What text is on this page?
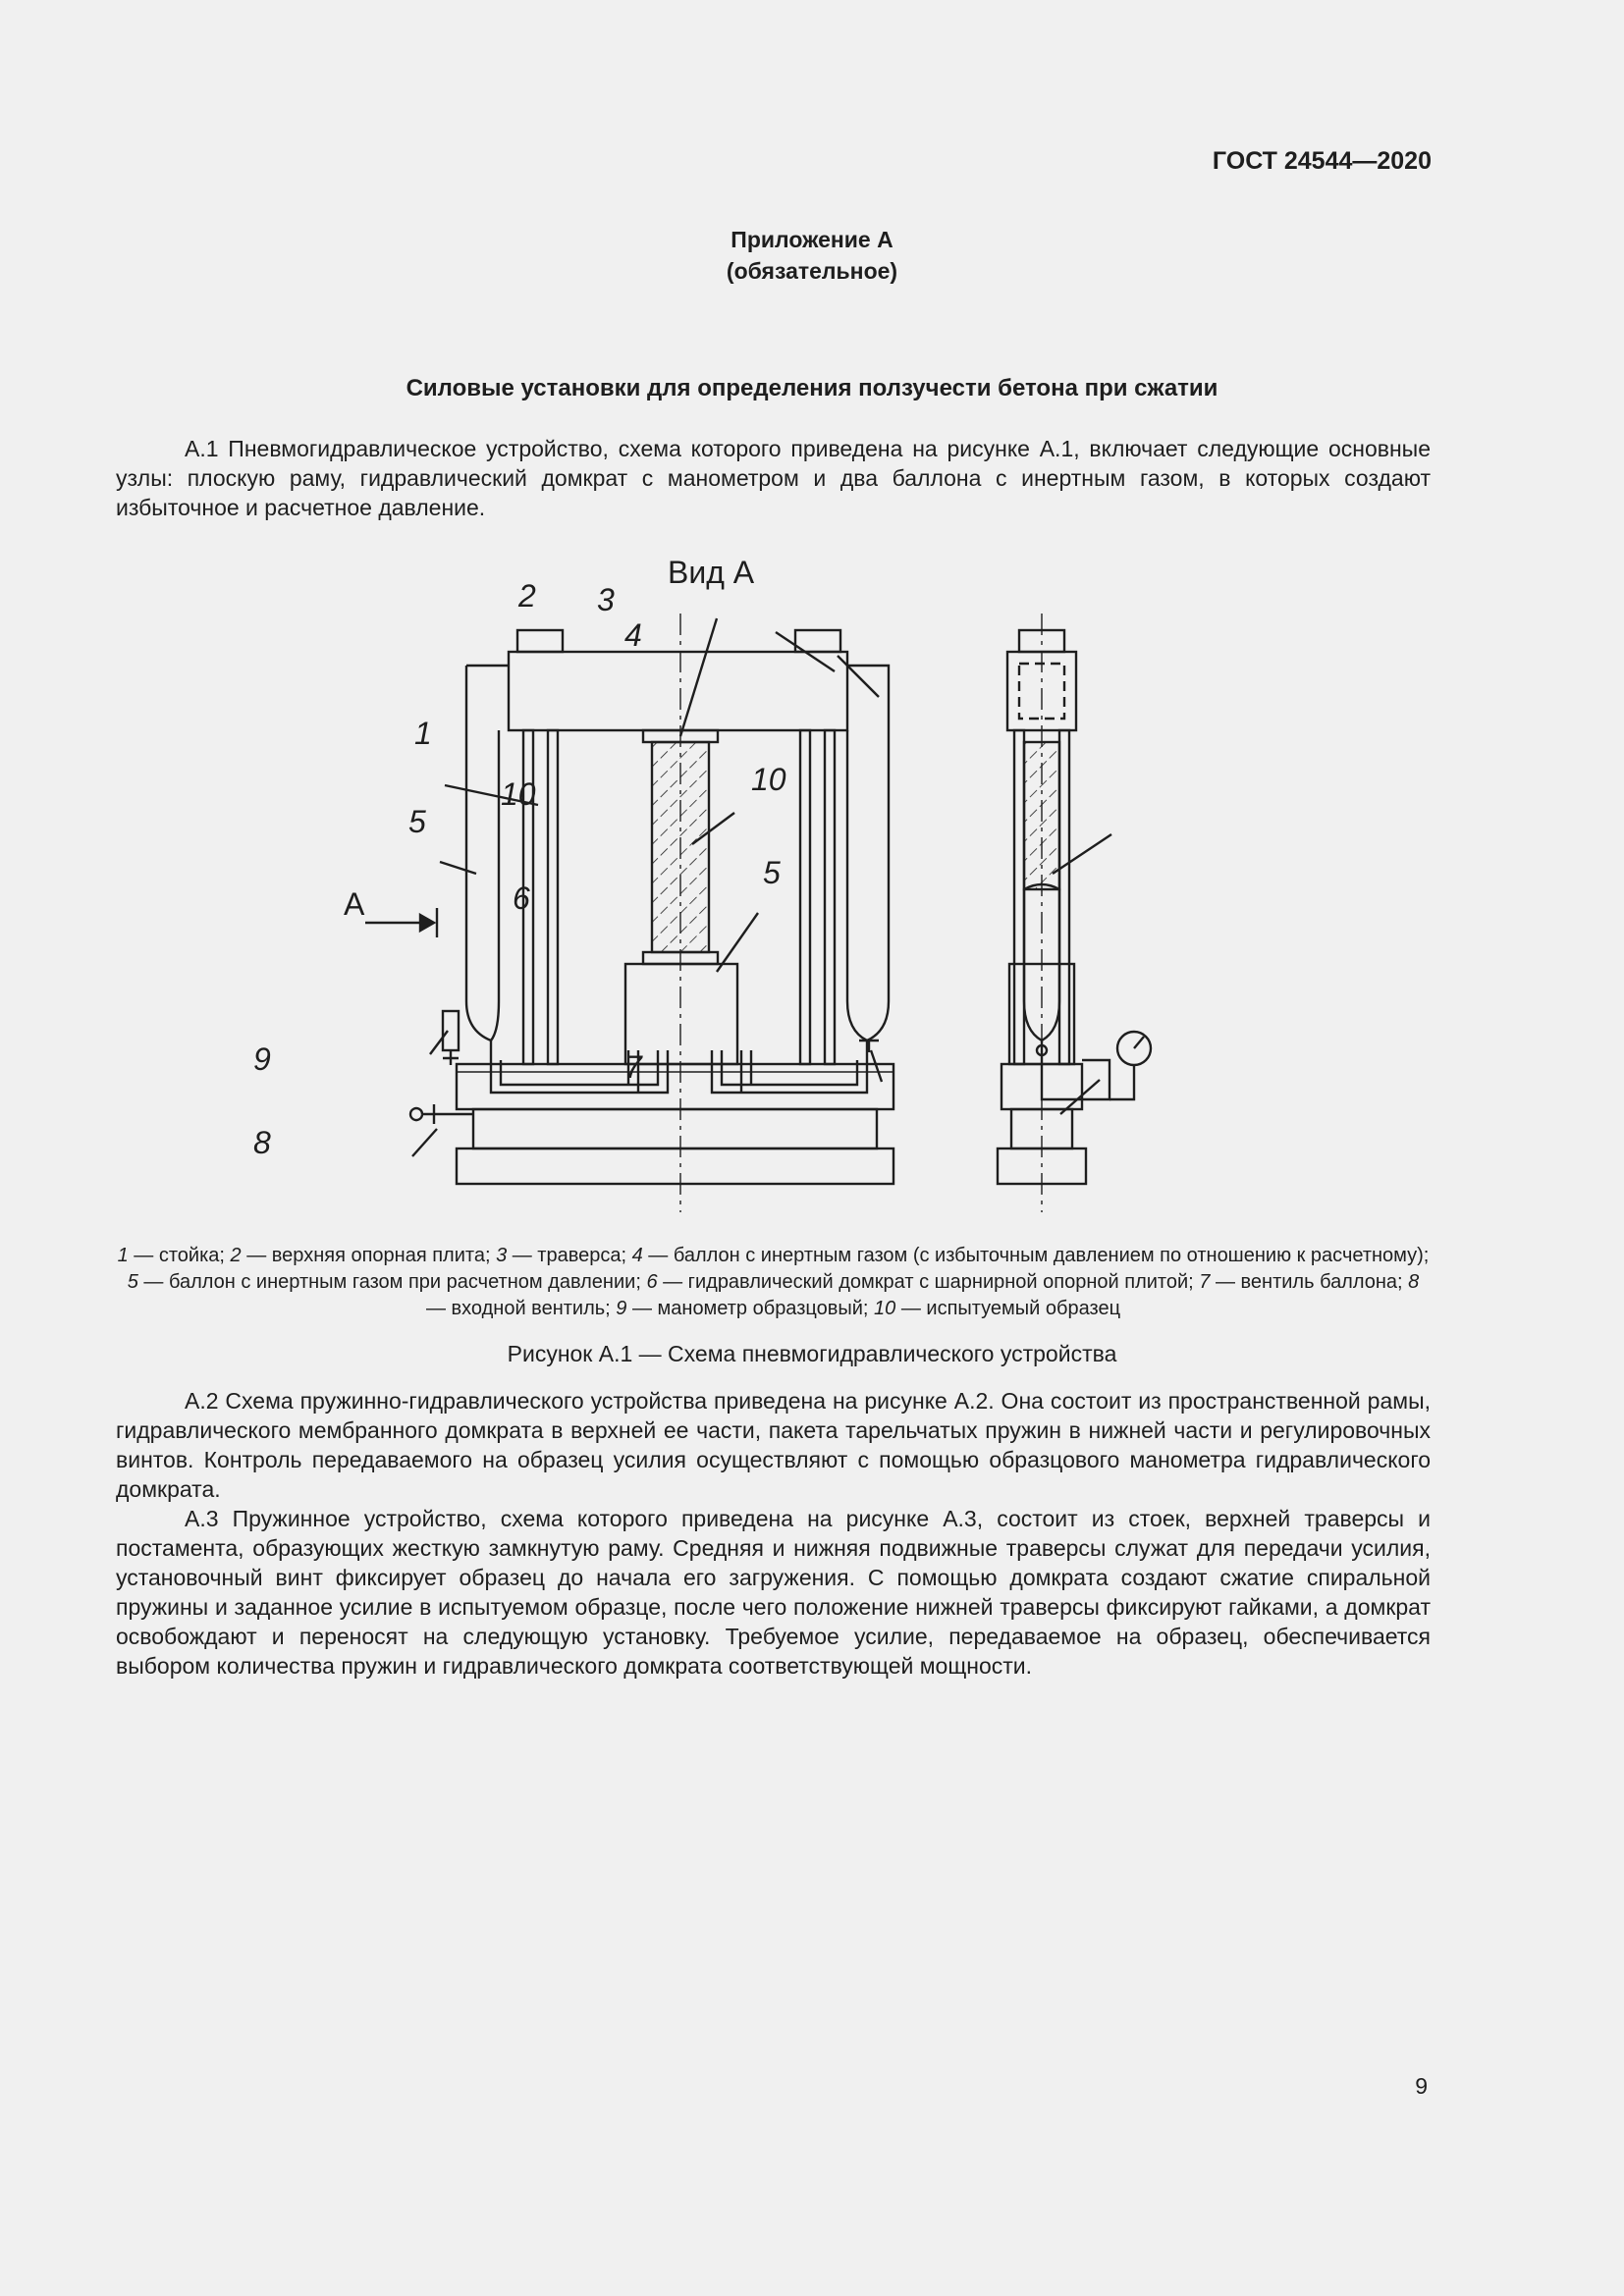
ГОСТ 24544—2020
Приложение А
(обязательное)
Силовые установки для определения ползучести бетона при сжатии

А.1 Пневмогидравлическое устройство, схема которого приведена на рисунке А.1, включает следующие основные узлы: плоскую раму, гидравлический домкрат с манометром и два баллона с инертным газом, в которых создают избыточное и расчетное давление.

Вид А
А
1
2 3
4
5
6
7
8
9
10	10
5
1 — стойка; 2 — верхняя опорная плита; 3 — траверса; 4 — баллон с инертным газом (с избыточным давлением по отношению к расчетному); 5 — баллон с инертным газом при расчетном давлении; 6 — гидравлический домкрат с шарнирной опорной плитой; 7 — вентиль баллона; 8 — входной вентиль; 9 — манометр образцовый; 10 — испытуемый образец
Рисунок А.1 — Схема пневмогидравлического устройства

А.2 Схема пружинно-гидравлического устройства приведена на рисунке А.2. Она состоит из пространственной рамы, гидравлического мембранного домкрата в верхней ее части, пакета тарельчатых пружин в нижней части и регулировочных винтов. Контроль передаваемого на образец усилия осуществляют с помощью образцового манометра гидравлического домкрата.

А.3 Пружинное устройство, схема которого приведена на рисунке А.3, состоит из стоек, верхней траверсы и постамента, образующих жесткую замкнутую раму. Средняя и нижняя подвижные траверсы служат для передачи усилия, установочный винт фиксирует образец до начала его загружения. С помощью домкрата создают сжатие спиральной пружины и заданное усилие в испытуемом образце, после чего положение нижней траверсы фиксируют гайками, а домкрат освобождают и переносят на следующую установку. Требуемое усилие, передаваемое на образец, обеспечивается выбором количества пружин и гидравлического домкрата соответствующей мощности.

9
